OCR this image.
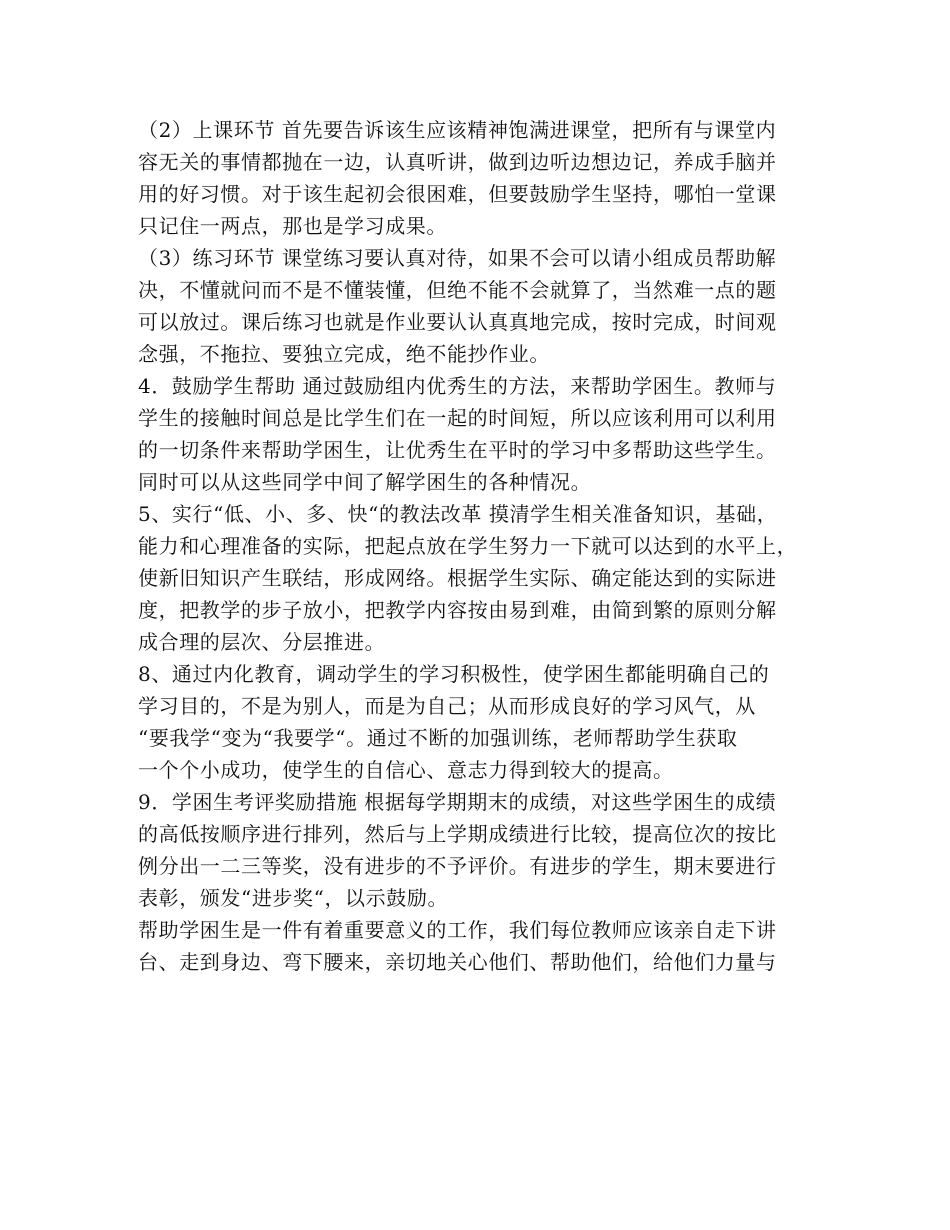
（2）上课环节 首先要告诉该生应该精神饱满进课堂，把所有与课堂内
容无关的事情都抛在一边，认真听讲，做到边听边想边记，养成手脑并
用的好习惯。对于该生起初会很困难，但要鼓励学生坚持，哪怕一堂课
只记住一两点，那也是学习成果。
（3）练习环节 课堂练习要认真对待，如果不会可以请小组成员帮助解
决，不懂就问而不是不懂装懂，但绝不能不会就算了，当然难一点的题
可以放过。课后练习也就是作业要认认真真地完成，按时完成，时间观
念强，不拖拉、要独立完成，绝不能抄作业。
4．鼓励学生帮助 通过鼓励组内优秀生的方法，来帮助学困生。教师与
学生的接触时间总是比学生们在一起的时间短，所以应该利用可以利用
的一切条件来帮助学困生，让优秀生在平时的学习中多帮助这些学生。
同时可以从这些同学中间了解学困生的各种情况。
5、实行“低、小、多、快“的教法改革 摸清学生相关准备知识，基础，
能力和心理准备的实际，把起点放在学生努力一下就可以达到的水平上，
使新旧知识产生联结，形成网络。根据学生实际、确定能达到的实际进
度，把教学的步子放小，把教学内容按由易到难，由简到繁的原则分解
成合理的层次、分层推进。
8、通过内化教育，调动学生的学习积极性，使学困生都能明确自己的
学习目的，不是为别人，而是为自己；从而形成良好的学习风气，从
“要我学“变为“我要学“。通过不断的加强训练，老师帮助学生获取
一个个小成功，使学生的自信心、意志力得到较大的提高。
9．学困生考评奖励措施 根据每学期期末的成绩，对这些学困生的成绩
的高低按顺序进行排列，然后与上学期成绩进行比较，提高位次的按比
例分出一二三等奖，没有进步的不予评价。有进步的学生，期末要进行
表彰，颁发“进步奖“，以示鼓励。
帮助学困生是一件有着重要意义的工作，我们每位教师应该亲自走下讲
台、走到身边、弯下腰来，亲切地关心他们、帮助他们，给他们力量与
